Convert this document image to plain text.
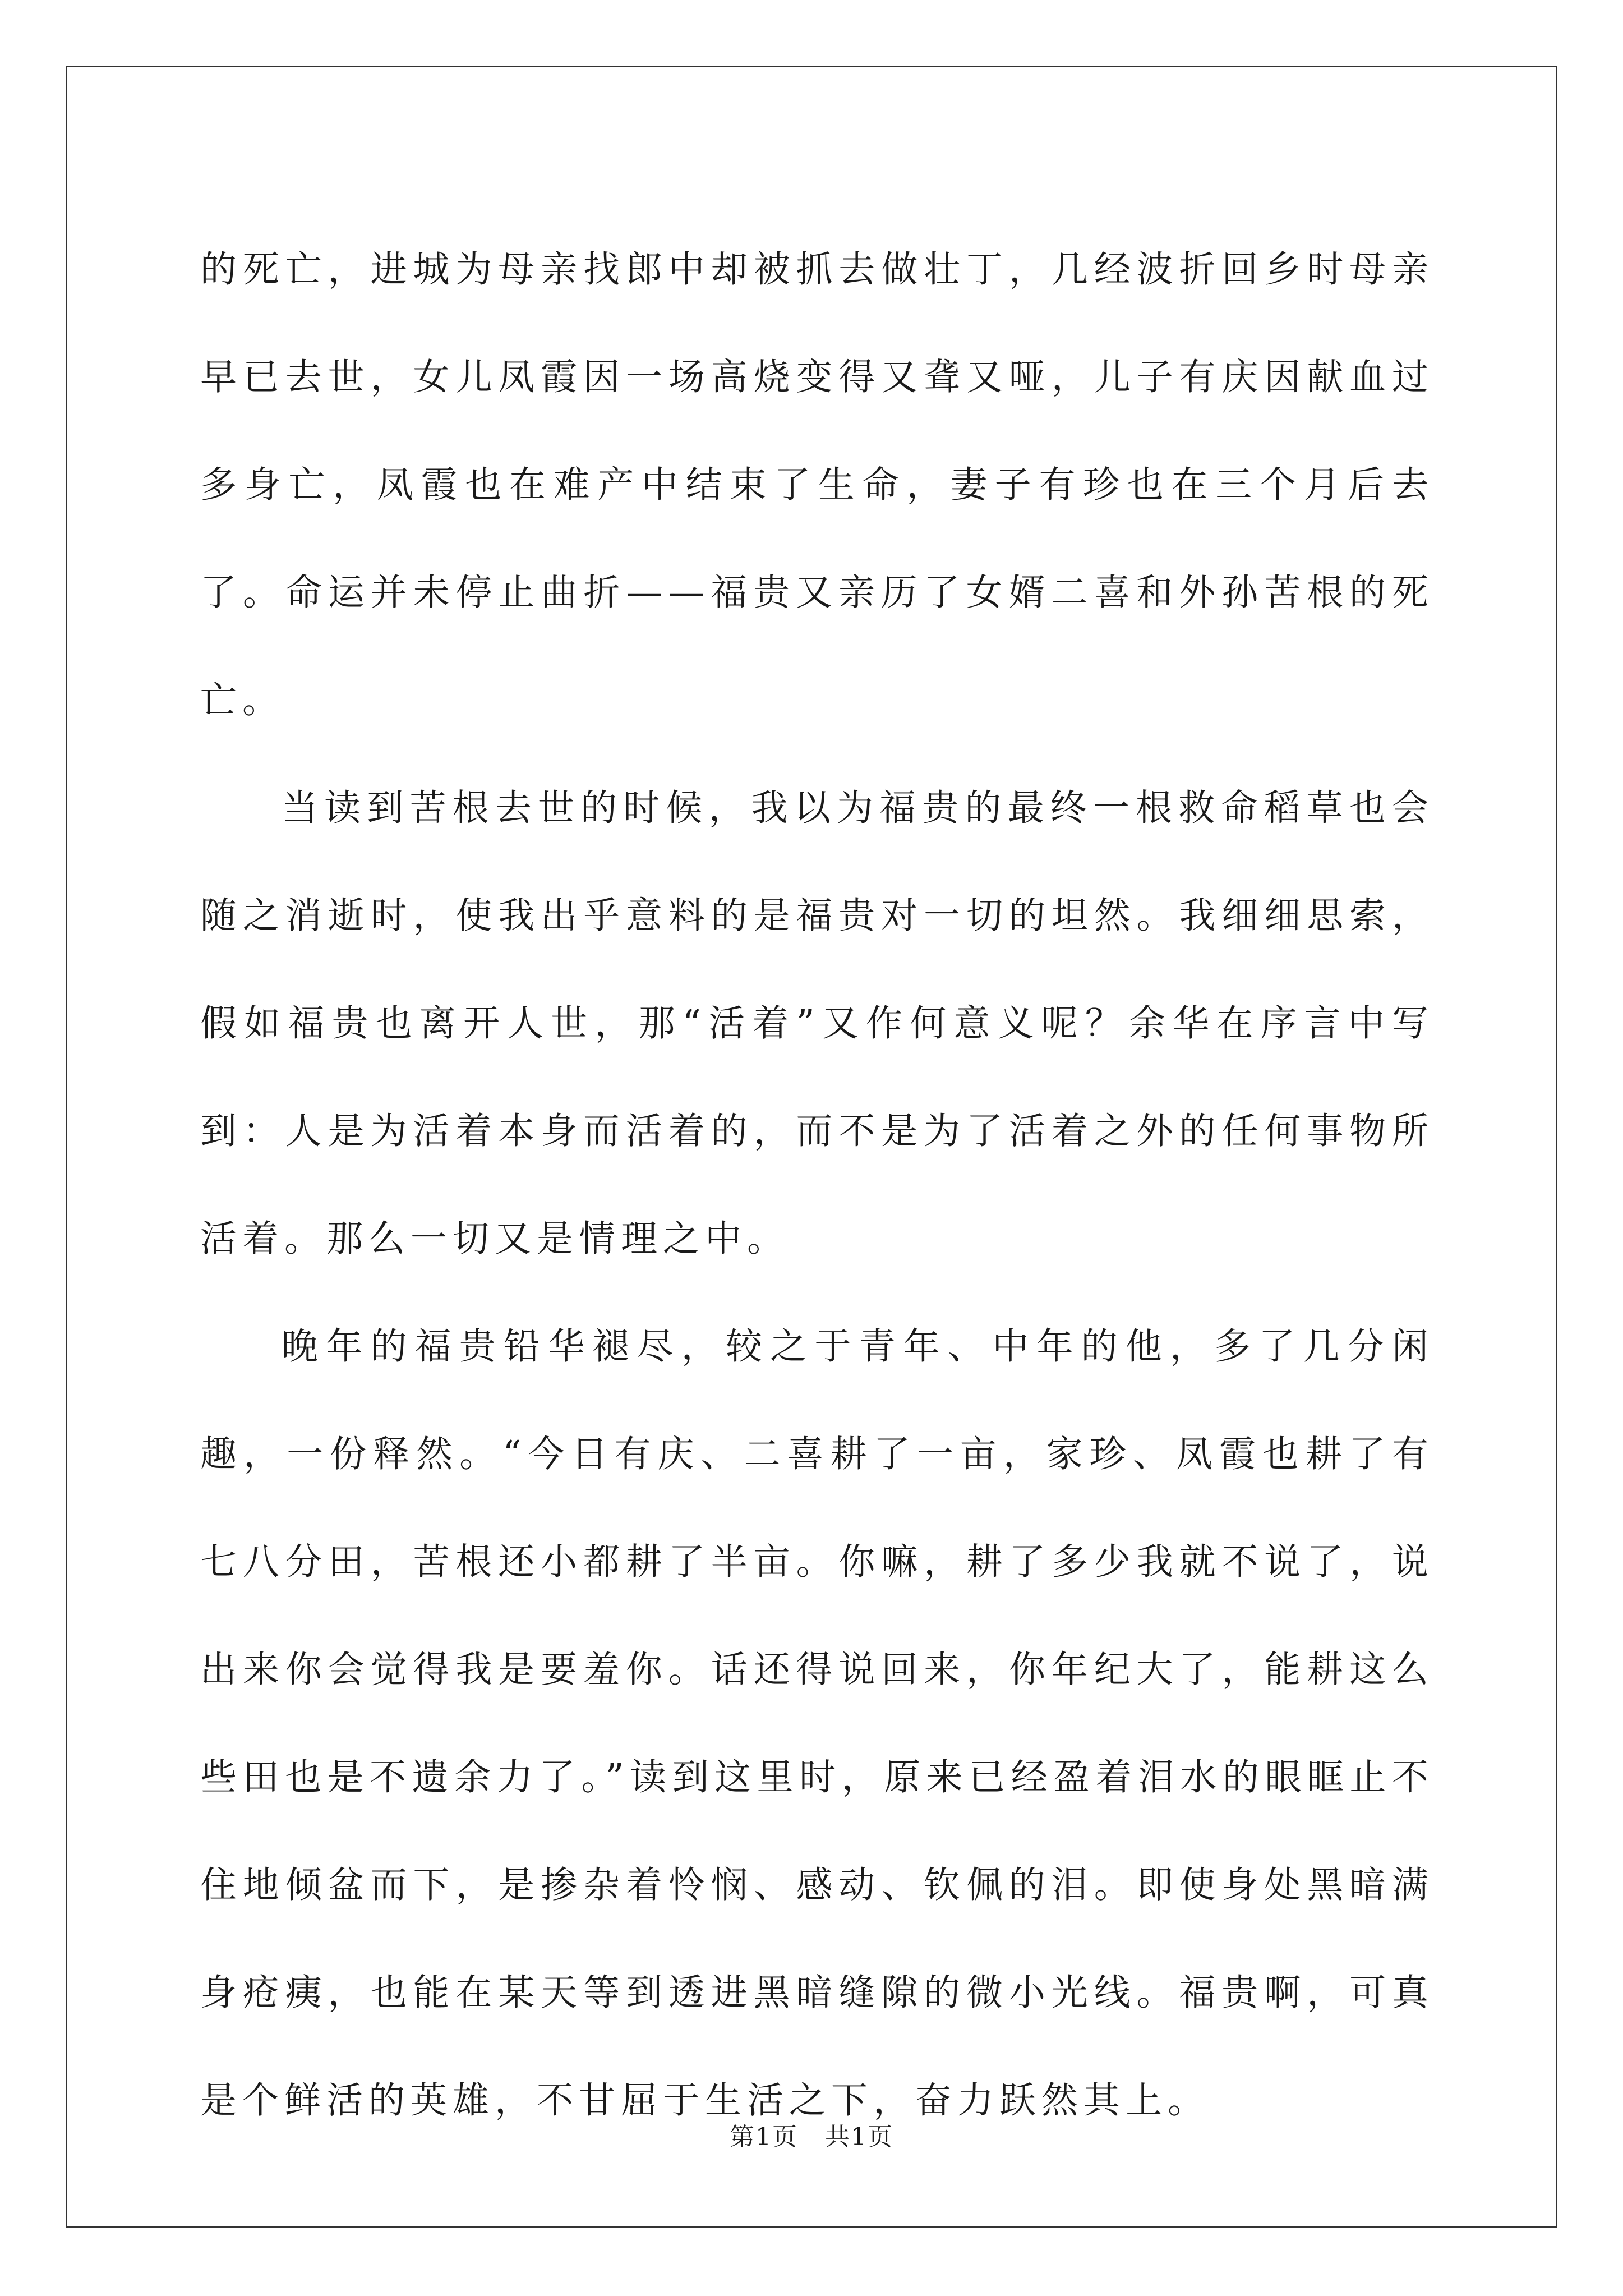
的死亡，进城为母亲找郎中却被抓去做壮丁，几经波折回乡时母亲早已去世，女儿凤霞因一场高烧变得又聋又哑，儿子有庆因献血过多身亡，凤霞也在难产中结束了生命，妻子有珍也在三个月后去了。命运并未停止曲折——福贵又亲历了女婿二喜和外孙苦根的死亡。

当读到苦根去世的时候，我以为福贵的最终一根救命稻草也会随之消逝时，使我出乎意料的是福贵对一切的坦然。我细细思索，假如福贵也离开人世，那“活着”又作何意义呢？余华在序言中写到：人是为活着本身而活着的，而不是为了活着之外的任何事物所活着。那么一切又是情理之中。

晚年的福贵铅华褪尽，较之于青年、中年的他，多了几分闲趣，一份释然。“今日有庆、二喜耕了一亩，家珍、凤霞也耕了有七八分田，苦根还小都耕了半亩。你嘛，耕了多少我就不说了，说出来你会觉得我是要羞你。话还得说回来，你年纪大了，能耕这么些田也是不遗余力了。”读到这里时，原来已经盈着泪水的眼眶止不住地倾盆而下，是掺杂着怜悯、感动、钦佩的泪。即使身处黑暗满身疮痍，也能在某天等到透进黑暗缝隙的微小光线。福贵啊，可真是个鲜活的英雄，不甘屈于生活之下，奋力跃然其上。

第1页 共1页
